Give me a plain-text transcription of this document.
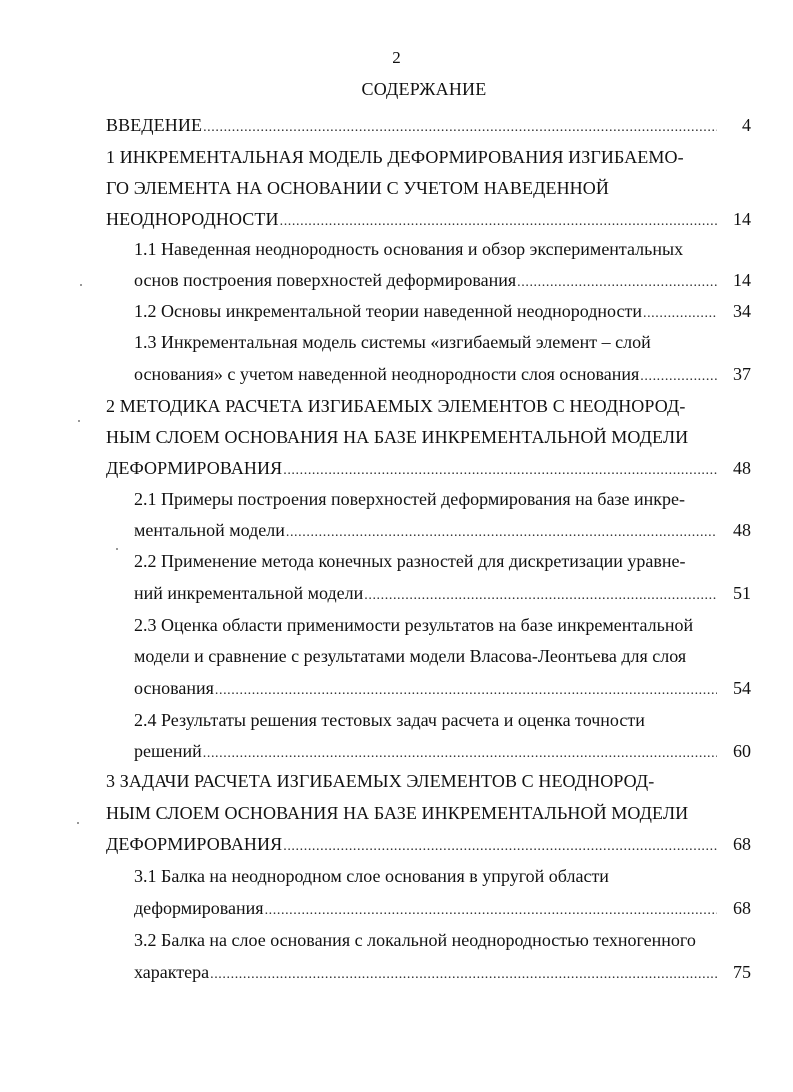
2
СОДЕРЖАНИЕ
ВВЕДЕНИЕ .....	4
1 ИНКРЕМЕНТАЛЬНАЯ МОДЕЛЬ ДЕФОРМИРОВАНИЯ ИЗГИБАЕМО-
ГО ЭЛЕМЕНТА НА ОСНОВАНИИ С УЧЕТОМ НАВЕДЕННОЙ
НЕОДНОРОДНОСТИ .....	14
1.1 Наведенная неоднородность основания и обзор экспериментальных
основ построения поверхностей деформирования .....	14
1.2 Основы инкрементальной теории наведенной неоднородности .....	34
1.3 Инкрементальная модель системы «изгибаемый элемент – слой
основания» с учетом наведенной неоднородности слоя основания .....	37
2 МЕТОДИКА РАСЧЕТА ИЗГИБАЕМЫХ ЭЛЕМЕНТОВ С НЕОДНОРОД-
НЫМ СЛОЕМ ОСНОВАНИЯ НА БАЗЕ ИНКРЕМЕНТАЛЬНОЙ МОДЕЛИ
ДЕФОРМИРОВАНИЯ .....	48
2.1 Примеры построения поверхностей деформирования на базе инкре-
ментальной модели .....	48
2.2 Применение метода конечных разностей для дискретизации уравне-
ний инкрементальной модели .....	51
2.3 Оценка области применимости результатов на базе инкрементальной
модели и сравнение с результатами модели Власова-Леонтьева для слоя
основания .....	54
2.4 Результаты решения тестовых задач расчета и оценка точности
решений .....	60
3 ЗАДАЧИ РАСЧЕТА ИЗГИБАЕМЫХ ЭЛЕМЕНТОВ С НЕОДНОРОД-
НЫМ СЛОЕМ ОСНОВАНИЯ НА БАЗЕ ИНКРЕМЕНТАЛЬНОЙ МОДЕЛИ
ДЕФОРМИРОВАНИЯ .....	68
3.1 Балка на неоднородном слое основания в упругой области
деформирования .....	68
3.2 Балка на слое основания с локальной неоднородностью техногенного
характера .....	75
